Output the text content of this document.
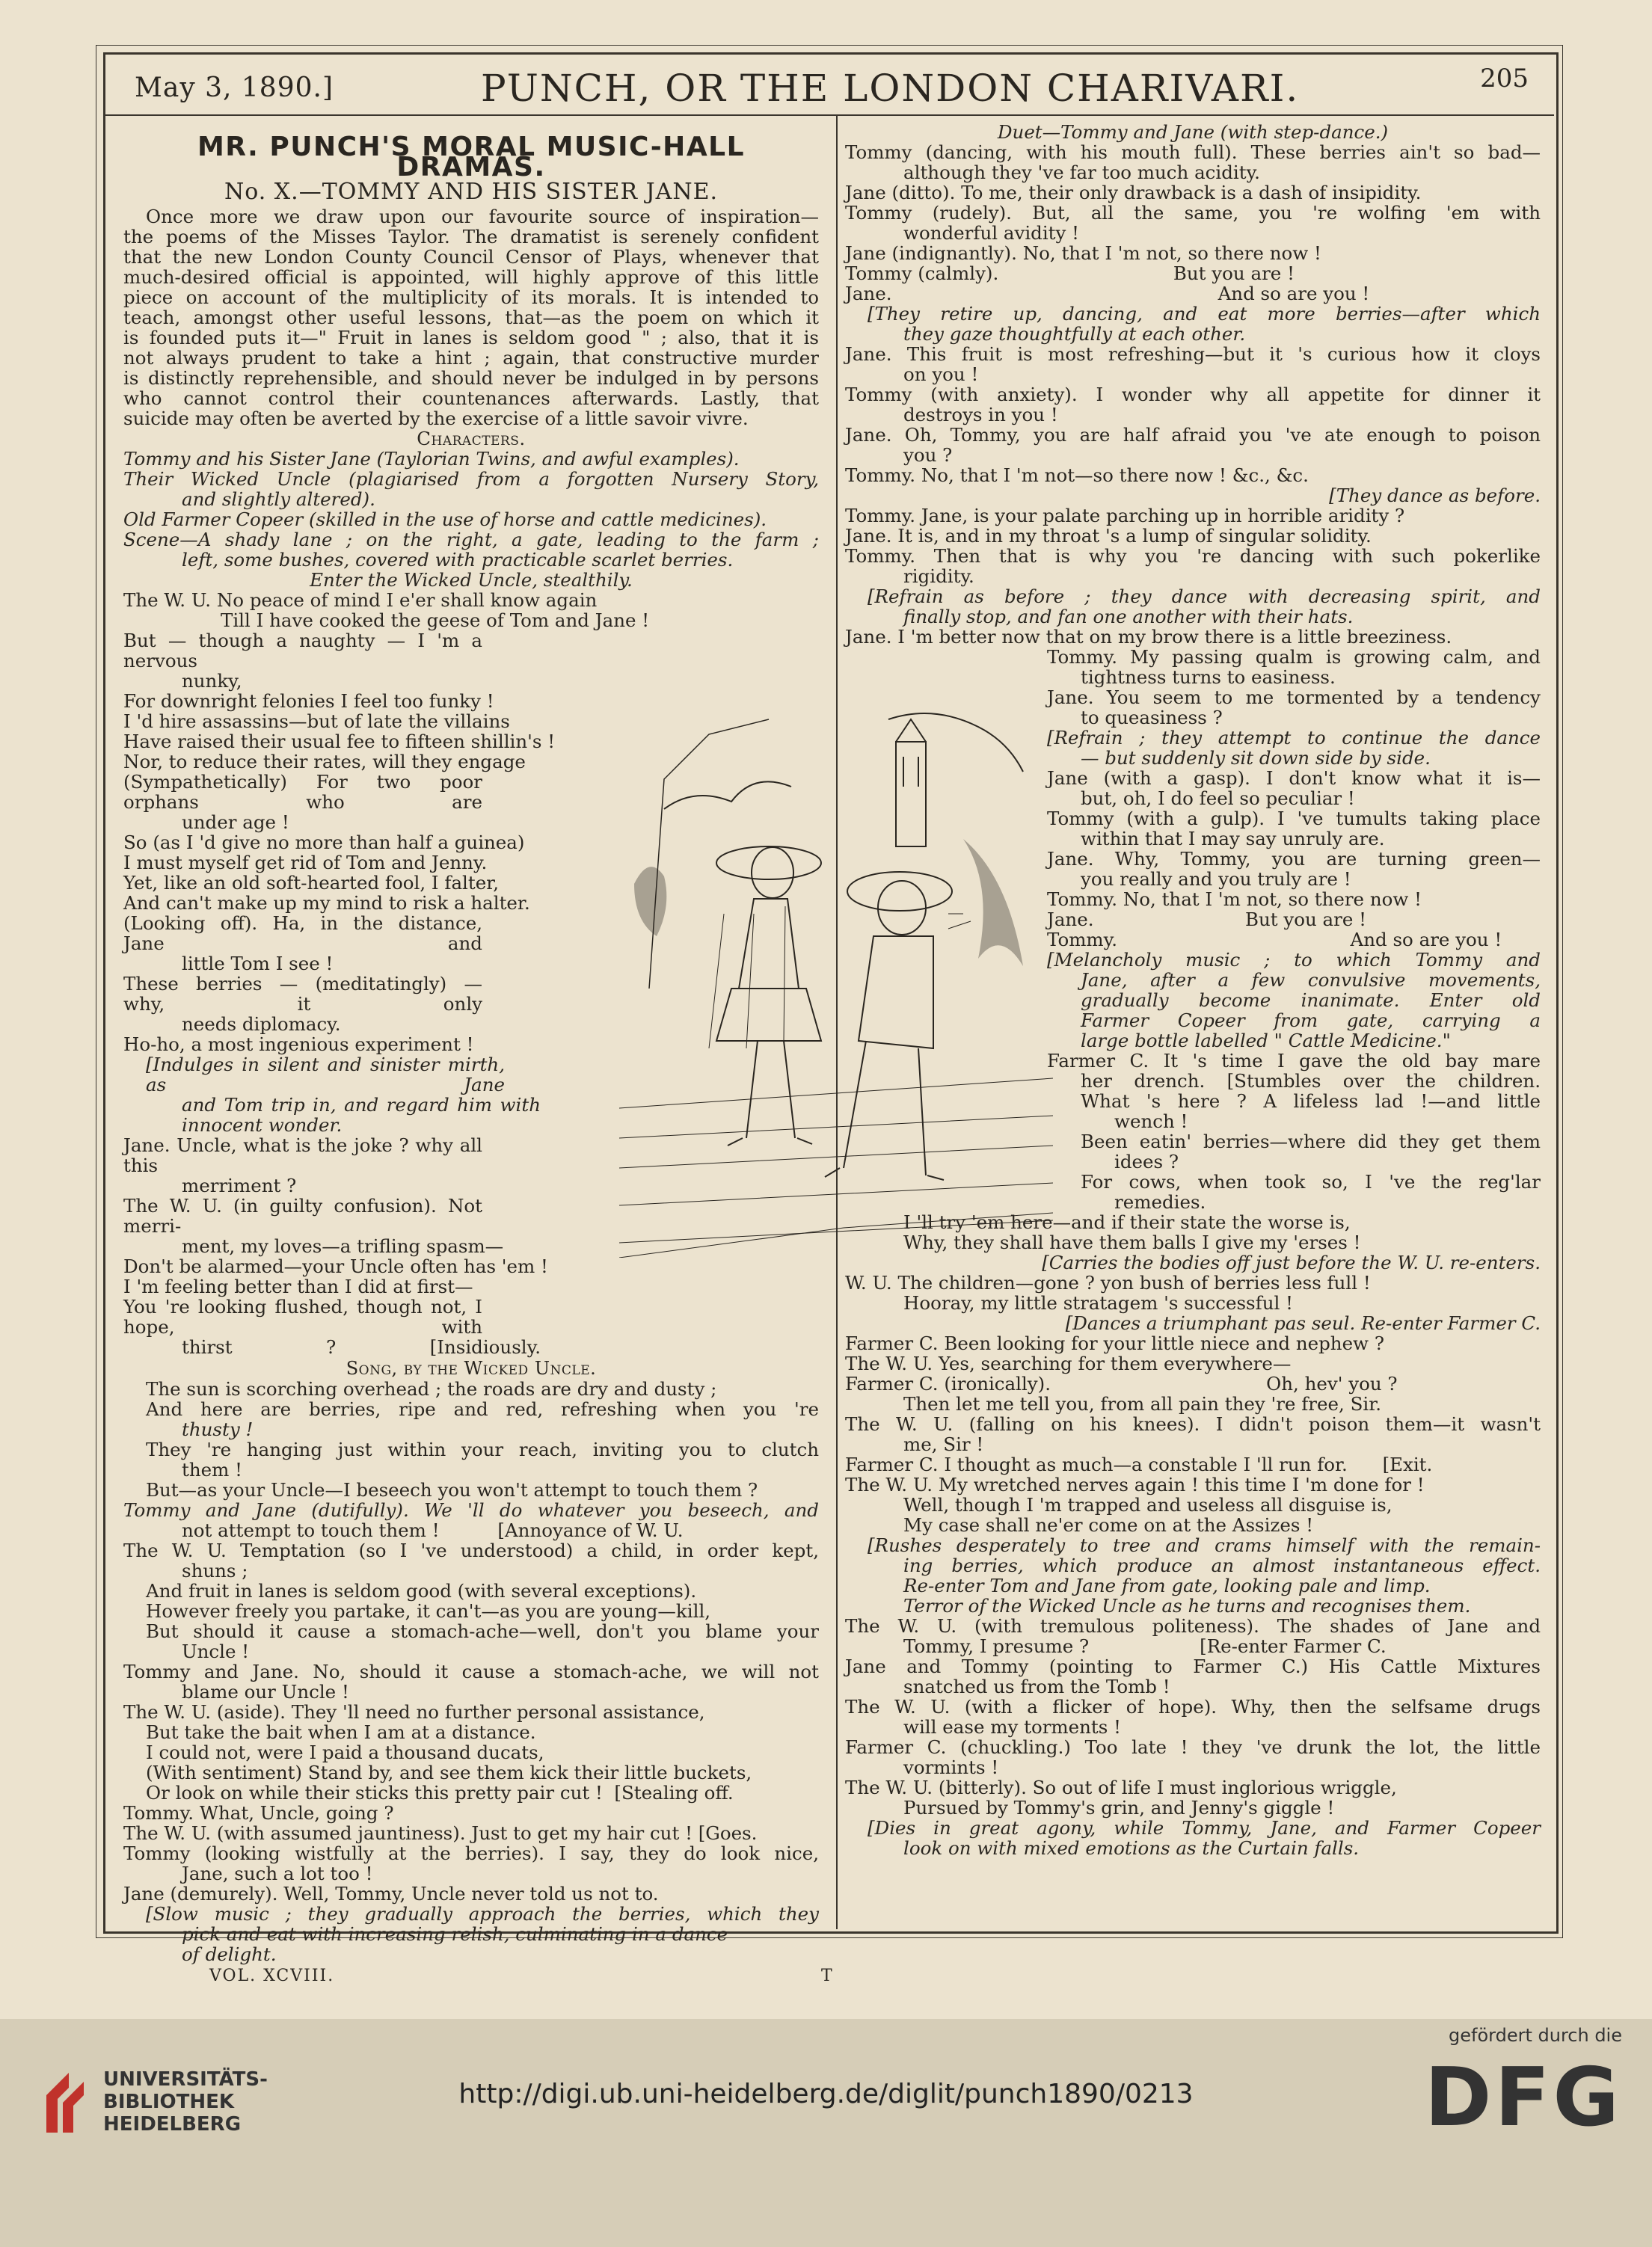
May 3, 1890.]	PUNCH, OR THE LONDON CHARIVARI.	205
MR. PUNCH'S MORAL MUSIC-HALL DRAMAS.
No. X.—TOMMY AND HIS SISTER JANE.
Once more we draw upon our favourite source of inspiration—
the poems of the Misses Taylor. The dramatist is serenely confident
that the new London County Council Censor of Plays, whenever that
much-desired official is appointed, will highly approve of this little
piece on account of the multiplicity of its morals. It is intended to
teach, amongst other useful lessons, that—as the poem on which it
is founded puts it—" Fruit in lanes is seldom good " ; also, that it is
not always prudent to take a hint ; again, that constructive murder
is distinctly reprehensible, and should never be indulged in by persons
who cannot control their countenances afterwards. Lastly, that
suicide may often be averted by the exercise of a little savoir vivre.
Characters.
Tommy and his Sister Jane (Taylorian Twins, and awful examples).
Their Wicked Uncle (plagiarised from a forgotten Nursery Story,
and slightly altered).
Old Farmer Copeer (skilled in the use of horse and cattle medicines).
Scene—A shady lane ; on the right, a gate, leading to the farm ;
left, some bushes, covered with practicable scarlet berries.
Enter the Wicked Uncle, stealthily.
The W. U. No peace of mind I e'er shall know again
Till I have cooked the geese of Tom and Jane !
But — though a naughty — I 'm a nervous
nunky,
For downright felonies I feel too funky !
I 'd hire assassins—but of late the villains
Have raised their usual fee to fifteen shillin's !
Nor, to reduce their rates, will they engage
(Sympathetically) For two poor orphans who are
under age !
So (as I 'd give no more than half a guinea)
I must myself get rid of Tom and Jenny.
Yet, like an old soft-hearted fool, I falter,
And can't make up my mind to risk a halter.
(Looking off). Ha, in the distance, Jane and
little Tom I see !
These berries — (meditatingly) — why, it only
needs diplomacy.
Ho-ho, a most ingenious experiment !
[Indulges in silent and sinister mirth, as Jane
and Tom trip in, and regard him with
innocent wonder.
Jane. Uncle, what is the joke ? why all this
merriment ?
The W. U. (in guilty confusion). Not merri-
ment, my loves—a trifling spasm—
Don't be alarmed—your Uncle often has 'em !
I 'm feeling better than I did at first—
You 're looking flushed, though not, I hope, with
thirst ? [Insidiously.
Song, by the Wicked Uncle.
The sun is scorching overhead ; the roads are dry and dusty ;
And here are berries, ripe and red, refreshing when you 're
thusty !
They 're hanging just within your reach, inviting you to clutch
them !
But—as your Uncle—I beseech you won't attempt to touch them ?
Tommy and Jane (dutifully). We 'll do whatever you beseech, and
not attempt to touch them !          [Annoyance of W. U.
The W. U. Temptation (so I 've understood) a child, in order kept,
shuns ;
And fruit in lanes is seldom good (with several exceptions).
However freely you partake, it can't—as you are young—kill,
But should it cause a stomach-ache—well, don't you blame your
Uncle !
Tommy and Jane. No, should it cause a stomach-ache, we will not
blame our Uncle !
The W. U. (aside). They 'll need no further personal assistance,
But take the bait when I am at a distance.
I could not, were I paid a thousand ducats,
(With sentiment) Stand by, and see them kick their little buckets,
Or look on while their sticks this pretty pair cut !  [Stealing off.
Tommy. What, Uncle, going ?
The W. U. (with assumed jauntiness). Just to get my hair cut ! [Goes.
Tommy (looking wistfully at the berries). I say, they do look nice,
Jane, such a lot too !
Jane (demurely). Well, Tommy, Uncle never told us not to.
[Slow music ; they gradually approach the berries, which they
pick and eat with increasing relish, culminating in a dance
of delight.
Duet—Tommy and Jane (with step-dance.)
Tommy (dancing, with his mouth full). These berries ain't so bad—
although they 've far too much acidity.
Jane (ditto). To me, their only drawback is a dash of insipidity.
Tommy (rudely). But, all the same, you 're wolfing 'em with
wonderful avidity !
Jane (indignantly). No, that I 'm not, so there now !
Tommy (calmly).                              But you are !
Jane.                                                        And so are you !
[They retire up, dancing, and eat more berries—after which
they gaze thoughtfully at each other.
Jane. This fruit is most refreshing—but it 's curious how it cloys
on you !
Tommy (with anxiety). I wonder why all appetite for dinner it
destroys in you !
Jane. Oh, Tommy, you are half afraid you 've ate enough to poison
you ?
Tommy. No, that I 'm not—so there now ! &c., &c.
[They dance as before.
Tommy. Jane, is your palate parching up in horrible aridity ?
Jane. It is, and in my throat 's a lump of singular solidity.
Tommy. Then that is why you 're dancing with such pokerlike
rigidity.
[Refrain as before ; they dance with decreasing spirit, and
finally stop, and fan one another with their hats.
Jane. I 'm better now that on my brow there is a little breeziness.
Tommy. My passing qualm is growing calm, and
tightness turns to easiness.
Jane. You seem to me tormented by a tendency
to queasiness ?
[Refrain ; they attempt to continue the dance
— but suddenly sit down side by side.
Jane (with a gasp). I don't know what it is—
but, oh, I do feel so peculiar !
Tommy (with a gulp). I 've tumults taking place
within that I may say unruly are.
Jane. Why, Tommy, you are turning green—
you really and you truly are !
Tommy. No, that I 'm not, so there now !
Jane.                          But you are !
Tommy.                                        And so are you !
[Melancholy music ; to which Tommy and
Jane, after a few convulsive movements,
gradually become inanimate. Enter old
Farmer Copeer from gate, carrying a
large bottle labelled " Cattle Medicine."
Farmer C. It 's time I gave the old bay mare
her drench. [Stumbles over the children.
What 's here ? A lifeless lad !—and little
wench !
Been eatin' berries—where did they get them
idees ?
For cows, when took so, I 've the reg'lar
remedies.
I 'll try 'em here—and if their state the worse is,
Why, they shall have them balls I give my 'erses !
[Carries the bodies off just before the W. U. re-enters.
W. U. The children—gone ? yon bush of berries less full !
Hooray, my little stratagem 's successful !
[Dances a triumphant pas seul. Re-enter Farmer C.
Farmer C. Been looking for your little niece and nephew ?
The W. U. Yes, searching for them everywhere—
Farmer C. (ironically).                                     Oh, hev' you ?
Then let me tell you, from all pain they 're free, Sir.
The W. U. (falling on his knees). I didn't poison them—it wasn't
me, Sir !
Farmer C. I thought as much—a constable I 'll run for.      [Exit.
The W. U. My wretched nerves again ! this time I 'm done for !
Well, though I 'm trapped and useless all disguise is,
My case shall ne'er come on at the Assizes !
[Rushes desperately to tree and crams himself with the remain-
ing berries, which produce an almost instantaneous effect.
Re-enter Tom and Jane from gate, looking pale and limp.
Terror of the Wicked Uncle as he turns and recognises them.
The W. U. (with tremulous politeness). The shades of Jane and
Tommy, I presume ?                   [Re-enter Farmer C.
Jane and Tommy (pointing to Farmer C.) His Cattle Mixtures
snatched us from the Tomb !
The W. U. (with a flicker of hope). Why, then the selfsame drugs
will ease my torments !
Farmer C. (chuckling.) Too late ! they 've drunk the lot, the little
vormints !
The W. U. (bitterly). So out of life I must inglorious wriggle,
Pursued by Tommy's grin, and Jenny's giggle !
[Dies in great agony, while Tommy, Jane, and Farmer Copeer
look on with mixed emotions as the Curtain falls.
VOL. XCVIII.	T
UNIVERSITÄTS-
BIBLIOTHEK
HEIDELBERG
http://digi.ub.uni-heidelberg.de/diglit/punch1890/0213
gefördert durch die
DFG
